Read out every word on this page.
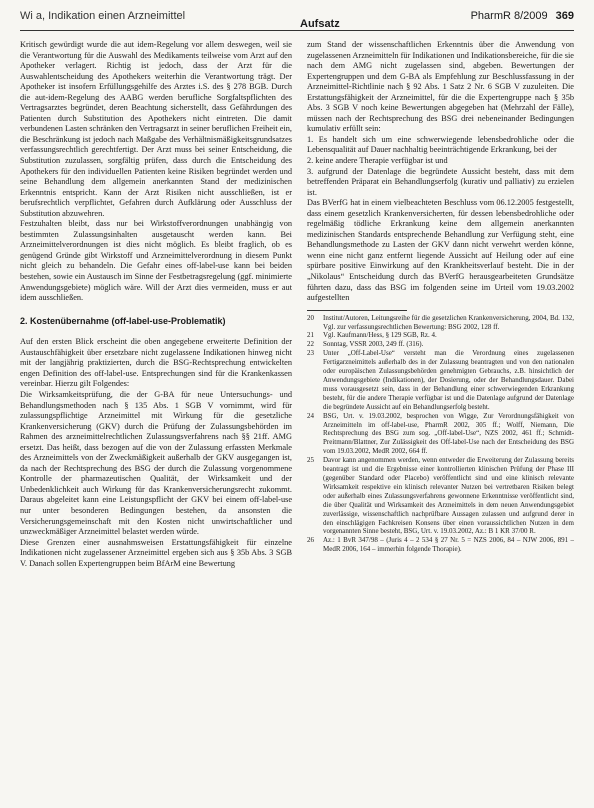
Wi a, Indikation einen Arzneimittel
Aufsatz
PharmR 8/2009 369

Kritisch gewürdigt wurde die aut idem-Regelung vor allem deswegen, weil sie die Verantwortung für die Auswahl des Medikaments teilweise vom Arzt auf den Apotheker verlagert. Richtig ist jedoch, dass der Arzt für die Auswahlentscheidung des Apothekers weiterhin die Verantwortung trägt. Der Apotheker ist insofern Erfüllungsgehilfe des Arztes i.S. des § 278 BGB. Durch die aut-idem-Regelung des AABG werden berufliche Sorgfaltspflichten des Vertragsarztes begründet, deren Beachtung sicherstellt, dass Gefährdungen des Patienten durch Substitution des Apothekers nicht eintreten. Die damit verbundenen Lasten schränken den Vertragsarzt in seiner beruflichen Freiheit ein, die Beschränkung ist jedoch nach Maßgabe des Verhältnismäßigkeitsgrundsatzes verfassungsrechtlich gerechtfertigt. Der Arzt muss bei seiner Entscheidung, die Substitution zuzulassen, sorgfältig prüfen, dass durch die Entscheidung des Apothekers für den individuellen Patienten keine Risiken begründet werden und seine Behandlung dem allgemein anerkannten Stand der medizinischen Erkenntnis entspricht. Kann der Arzt Risiken nicht ausschließen, ist er berufsrechtlich verpflichtet, Gefahren durch Aufklärung oder Ausschluss der Substitution abzuwehren.

Festzuhalten bleibt, dass nur bei Wirkstoffverordnungen unabhängig von bestimmten Zulassungsinhalten ausgetauscht werden kann. Bei Arzneimittelverordnungen ist dies nicht möglich. Es bleibt fraglich, ob es genügend Gründe gibt Wirkstoff und Arzneimittelverordnung in diesem Punkt nicht gleich zu behandeln. Die Gefahr eines off-label-use kann bei beiden bestehen, sowie ein Austausch im Sinne der Festbetragsregelung (ggf. minimierte Anwendungsgebiete) möglich wäre. Will der Arzt dies vermeiden, muss er aut idem ausschließen.

2. Kostenübernahme (off-label-use-Problematik)

Auf den ersten Blick erscheint die oben angegebene erweiterte Definition der Austauschfähigkeit über ersetzbare nicht zugelassene Indikationen hinweg nicht mit der langjährig praktizierten, durch die BSG-Rechtsprechung entwickelten engen Definition des off-label-use. Entsprechungen sind für die Krankenkassen vereinbar. Hierzu gilt Folgendes:

Die Wirksamkeitsprüfung, die der G-BA für neue Untersuchungs- und Behandlungsmethoden nach § 135 Abs. 1 SGB V vornimmt, wird für zulassungspflichtige Arzneimittel mit Wirkung für die gesetzliche Krankenversicherung (GKV) durch die Prüfung der Zulassungsbehörden im Rahmen des arzneimittelrechtlichen Zulassungsverfahrens nach §§ 21ff. AMG ersetzt. Das heißt, dass bezogen auf die von der Zulassung erfassten Merkmale des Arzneimittels von der Zweckmäßigkeit außerhalb der GKV ausgegangen ist, da nach der Rechtsprechung des BSG der durch die Zulassung vorgenommene Kontrolle der pharmazeutischen Qualität, der Wirksamkeit und der Unbedenklichkeit auch Wirkung für das Krankenversicherungsrecht zukommt. Daraus abgeleitet kann eine Leistungspflicht der GKV bei einem off-label-use nur unter besonderen Bedingungen bestehen, da ansonsten die Versicherungsgemeinschaft mit den Kosten nicht unwirtschaftlicher und unzweckmäßiger Arzneimittel belastet werden würde.

Diese Grenzen einer ausnahmsweisen Erstattungsfähigkeit für einzelne Indikationen nicht zugelassener Arzneimittel ergeben sich aus § 35b Abs. 3 SGB V. Danach sollen Expertengruppen beim BfArM eine Bewertung

zum Stand der wissenschaftlichen Erkenntnis über die Anwendung von zugelassenen Arzneimitteln für Indikationen und Indikationsbereiche, für die sie nach dem AMG nicht zugelassen sind, abgeben. Bewertungen der Expertengruppen und dem G-BA als Empfehlung zur Beschlussfassung in der Arzneimittel-Richtlinie nach § 92 Abs. 1 Satz 2 Nr. 6 SGB V zuzuleiten. Die Erstattungsfähigkeit der Arzneimittel, für die die Expertengruppe nach § 35b Abs. 3 SGB V noch keine Bewertungen abgegeben hat (Mehrzahl der Fälle), müssen nach der Rechtsprechung des BSG drei nebeneinander Bedingungen kumulativ erfüllt sein:

1. Es handelt sich um eine schwerwiegende lebensbedrohliche oder die Lebensqualität auf Dauer nachhaltig beeinträchtigende Erkrankung, bei der
2. keine andere Therapie verfügbar ist und
3. aufgrund der Datenlage die begründete Aussicht besteht, dass mit dem betreffenden Präparat ein Behandlungserfolg (kurativ und palliativ) zu erzielen ist.

Das BVerfG hat in einem vielbeachteten Beschluss vom 06.12.2005 festgestellt, dass einem gesetzlich Krankenversicherten, für dessen lebensbedrohliche oder regelmäßig tödliche Erkrankung keine dem allgemein anerkannten medizinischen Standards entsprechende Behandlung zur Verfügung steht, eine Behandlungsmethode zu Lasten der GKV dann nicht verwehrt werden könne, wenn eine nicht ganz entfernt liegende Aussicht auf Heilung oder auf eine spürbare positive Einwirkung auf den Krankheitsverlauf besteht. Die in der „Nikolaus“ Entscheidung durch das BVerfG herausgearbeiteten Grundsätze führten dazu, dass das BSG im folgenden seine im Urteil vom 19.03.2002 aufgestellten

20	Institut/Autoren, Leitungsreihe für die gesetzlichen Krankenversicherung, 2004, Bd. 132, Vgl. zur verfassungsrechtlichen Bewertung: BSG 2002, 128 ff.
21	Vgl. Kaufmann/Hess, § 129 SGB, Rz. 4.
22	Sonntag, VSSR 2003, 249 ff. (316).
23	Unter „Off-Label-Use“ versteht man die Verordnung eines zugelassenen Fertigarzneimittels außerhalb des in der Zulassung beantragten und von den nationalen oder europäischen Zulassungsbehörden genehmigten Gebrauchs, z.B. hinsichtlich der Anwendungsgebiete (Indikationen), der Dosierung, oder der Behandlungsdauer. Dabei muss vorausgesetzt sein, dass in der Behandlung einer schwerwiegenden Erkrankung besteht, für die andere Therapie verfügbar ist und die Datenlage aufgrund der Datenlage die begründete Aussicht auf ein Behandlungserfolg besteht.
24	BSG, Urt. v. 19.03.2002, besprochen von Wigge, Zur Verordnungsfähigkeit von Arzneimitteln im off-label-use, PharmR 2002, 305 ff.; Wolff, Niemann, Die Rechtsprechung des BSG zum sog. „Off-label-Use“, NZS 2002, 461 ff.; Schmidt-Preitmann/Blattner, Zur Zulässigkeit des Off-label-Use nach der Entscheidung des BSG vom 19.03.2002, MedR 2002, 664 ff.
25	Davor kann angenommen werden, wenn entweder die Erweiterung der Zulassung bereits beantragt ist und die Ergebnisse einer kontrollierten klinischen Prüfung der Phase III (gegenüber Standard oder Placebo) veröffentlicht sind und eine klinisch relevante Wirksamkeit respektive ein klinisch relevanter Nutzen bei vertretbaren Risiken belegt oder außerhalb eines Zulassungsverfahrens gewonnene Erkenntnisse veröffentlicht sind, die über Qualität und Wirksamkeit des Arzneimittels in dem neuen Anwendungsgebiet zuverlässige, wissenschaftlich nachprüfbare Aussagen zulassen und aufgrund derer in den einschlägigen Fachkreisen Konsens über einen voraussichtlichen Nutzen in dem vorgenannten Sinne besteht, BSG, Urt. v. 19.03.2002, Az.: B 1 KR 37/00 R.
26	Az.: 1 BvR 347/98 – (Juris 4 – 2 534 § 27 Nr. 5 = NZS 2006, 84 – NJW 2006, 891 – MedR 2006, 164 – immerhin folgende Thorapie).
